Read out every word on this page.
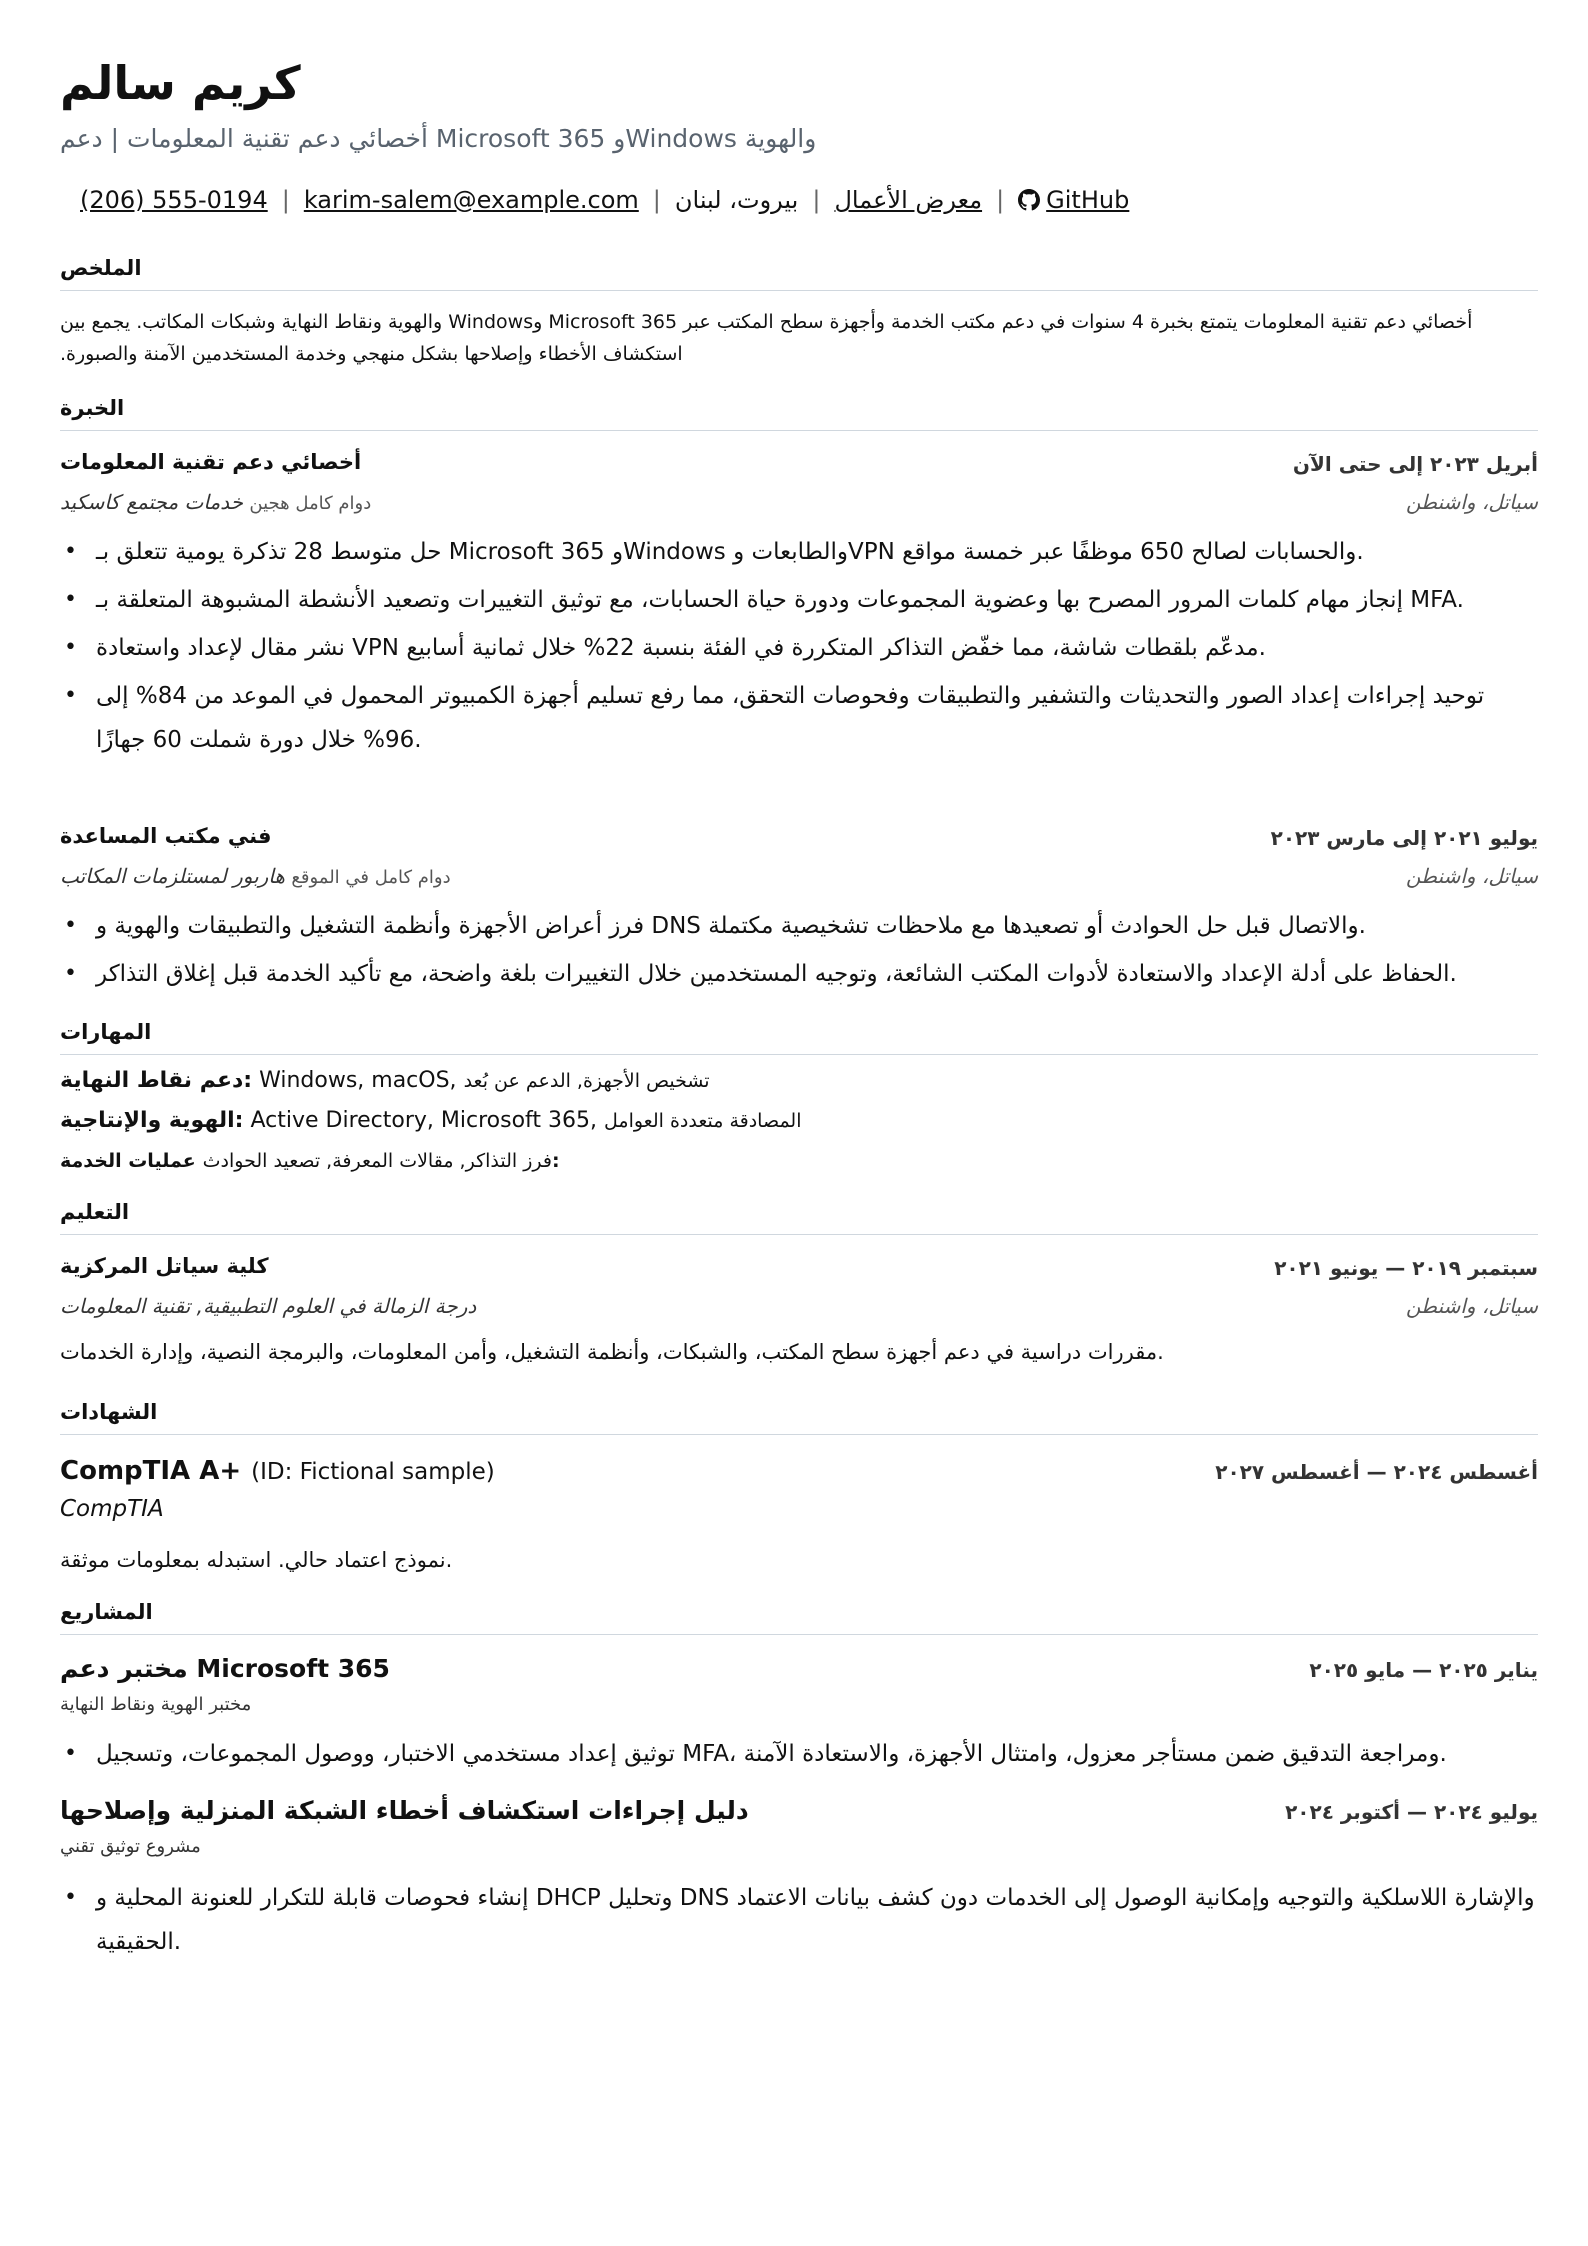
كريم سالم
أخصائي دعم تقنية المعلومات | دعم Microsoft 365 وWindows والهوية
(206) 555-0194 | karim-salem@example.com | بيروت، لبنان | معرض الأعمال | GitHub
الملخص
أخصائي دعم تقنية المعلومات يتمتع بخبرة 4 سنوات في دعم مكتب الخدمة وأجهزة سطح المكتب عبر Microsoft 365 وWindows والهوية ونقاط النهاية وشبكات المكاتب. يجمع بين استكشاف الأخطاء وإصلاحها بشكل منهجي وخدمة المستخدمين الآمنة والصبورة.
الخبرة
أخصائي دعم تقنية المعلومات	أبريل ٢٠٢٣ إلى حتى الآن
دوام كامل هجين خدمات مجتمع كاسكيد	سياتل، واشنطن
• حل متوسط 28 تذكرة يومية تتعلق بـ Microsoft 365 وWindows والطابعات وVPN والحسابات لصالح 650 موظفًا عبر خمسة مواقع.
• إنجاز مهام كلمات المرور المصرح بها وعضوية المجموعات ودورة حياة الحسابات، مع توثيق التغييرات وتصعيد الأنشطة المشبوهة المتعلقة بـ MFA.
• نشر مقال لإعداد واستعادة VPN مدعّم بلقطات شاشة، مما خفّض التذاكر المتكررة في الفئة بنسبة 22% خلال ثمانية أسابيع.
• توحيد إجراءات إعداد الصور والتحديثات والتشفير والتطبيقات وفحوصات التحقق، مما رفع تسليم أجهزة الكمبيوتر المحمول في الموعد من 84% إلى 96% خلال دورة شملت 60 جهازًا.
فني مكتب المساعدة	يوليو ٢٠٢١ إلى مارس ٢٠٢٣
دوام كامل في الموقع هاربور لمستلزمات المكاتب	سياتل، واشنطن
• فرز أعراض الأجهزة وأنظمة التشغيل والتطبيقات والهوية و DNS والاتصال قبل حل الحوادث أو تصعيدها مع ملاحظات تشخيصية مكتملة.
• الحفاظ على أدلة الإعداد والاستعادة لأدوات المكتب الشائعة، وتوجيه المستخدمين خلال التغييرات بلغة واضحة، مع تأكيد الخدمة قبل إغلاق التذاكر.
المهارات
دعم نقاط النهاية: Windows, macOS, تشخيص الأجهزة, الدعم عن بُعد
الهوية والإنتاجية: Active Directory, Microsoft 365, المصادقة متعددة العوامل
فرز التذاكر, مقالات المعرفة, تصعيد الحوادث عمليات الخدمة:
التعليم
كلية سياتل المركزية	سبتمبر ٢٠١٩ — يونيو ٢٠٢١
درجة الزمالة في العلوم التطبيقية, تقنية المعلومات	سياتل، واشنطن
مقررات دراسية في دعم أجهزة سطح المكتب، والشبكات، وأنظمة التشغيل، وأمن المعلومات، والبرمجة النصية، وإدارة الخدمات.
الشهادات
CompTIA A+ (ID: Fictional sample)	أغسطس ٢٠٢٤ — أغسطس ٢٠٢٧
CompTIA
نموذج اعتماد حالي. استبدله بمعلومات موثقة.
المشاريع
مختبر دعم Microsoft 365	يناير ٢٠٢٥ — مايو ٢٠٢٥
مختبر الهوية ونقاط النهاية
• توثيق إعداد مستخدمي الاختبار، ووصول المجموعات، وتسجيل MFA، ومراجعة التدقيق ضمن مستأجر معزول، وامتثال الأجهزة، والاستعادة الآمنة.
دليل إجراءات استكشاف أخطاء الشبكة المنزلية وإصلاحها	يوليو ٢٠٢٤ — أكتوبر ٢٠٢٤
مشروع توثيق تقني
• إنشاء فحوصات قابلة للتكرار للعنونة المحلية و DHCP وتحليل DNS والإشارة اللاسلكية والتوجيه وإمكانية الوصول إلى الخدمات دون كشف بيانات الاعتماد الحقيقية.
